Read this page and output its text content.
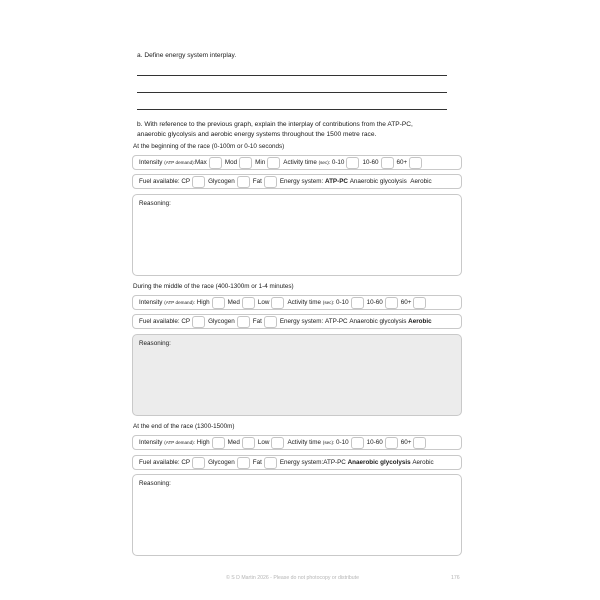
a. Define energy system interplay.
b. With reference to the previous graph, explain the interplay of contributions from the ATP-PC,
anaerobic glycolysis and aerobic energy systems throughout the 1500 metre race.
At the beginning of the race (0-100m or 0-10 seconds)
Intensity
(ATP demand): Max	Mod	Min	Activity time
(sec):
0-10	10-60	60+
Fuel available:
CP	Glycogen	Fat	Energy system:
ATP-PC
Anaerobic glycolysis
Aerobic
Reasoning:
During the middle of the race (400-1300m or 1-4 minutes)
Intensity
(ATP demand):
High	Med	Low	Activity time
(sec):
0-10	10-60	60+
Fuel available:
CP	Glycogen	Fat	Energy system:
ATP-PC
Anaerobic glycolysis
Aerobic
Reasoning:
At the end of the race (1300-1500m)
Intensity
(ATP demand):
High	Med	Low	Activity time
(sec):
0-10	10-60	60+
Fuel available:
CP	Glycogen	Fat	Energy system: ATP-PC
Anaerobic glycolysis
Aerobic
Reasoning:
© S D Martin 2026 - Please do not photocopy or distribute	176
